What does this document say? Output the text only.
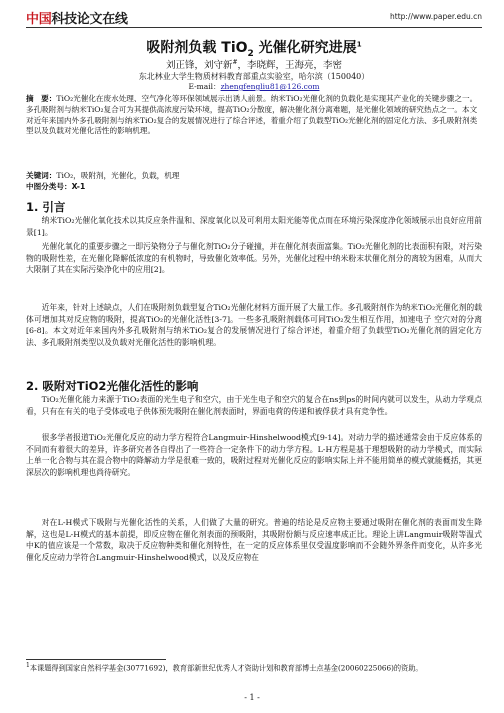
中国 科技论文在线	http://www.paper.edu.cn
吸附剂负载 TiO$_2$ 光催化研究进展$^1$
刘正锋，刘守新#，李晓辉，王海亮，李密
东北林业大学生物质材料教育部重点实验室，哈尔滨（150040）
E-mail：zhengfengliu81@126.com
摘　要：TiO₂光催化在废水处理、空气净化等环保领域展示出诱人前景。纳米TiO₂光催化剂的负载化是实现其产业化的关键步骤之一。多孔吸附剂与纳米TiO₂复合可为其提供高浓度污染环境，提高TiO₂分散度，解决催化剂分离难题，是光催化领域的研究热点之一。本文对近年来国内外多孔吸附剂与纳米TiO₂复合的发展情况进行了综合评述，着重介绍了负载型TiO₂光催化剂的固定化方法、多孔吸附剂类型以及负载对光催化活性的影响机理。
关键词：TiO₂，吸附剂，光催化，负载，机理
中图分类号：X-1
1. 引言
纳米TiO₂光催化氧化技术以其反应条件温和、深度氧化以及可利用太阳光能等优点而在环境污染深度净化领域展示出良好应用前景[1]。
光催化氧化的重要步骤之一即污染物分子与催化剂TiO₂分子碰撞，并在催化剂表面富集。TiO₂光催化剂的比表面积有限，对污染物的吸附性差，在光催化降解低浓度的有机物时，导致催化效率低。另外，光催化过程中纳米粉末状催化剂分的离较为困难，从而大大限制了其在实际污染净化中的应用[2]。
近年来，针对上述缺点，人们在吸附剂负载型复合TiO₂光催化材料方面开展了大量工作。多孔吸附剂作为纳米TiO₂光催化剂的载体可增加其对反应物的吸附，提高TiO₂的光催化活性[3-7]。一些多孔吸附剂载体可同TiO₂发生相互作用，加速电子 空穴对的分离[6-8]。本文对近年来国内外多孔吸附剂与纳米TiO₂复合的发展情况进行了综合评述，着重介绍了负载型TiO₂光催化剂的固定化方法、多孔吸附剂类型以及负载对光催化活性的影响机理。
2. 吸附对TiO2光催化活性的影响
TiO₂光催化能力来源于TiO₂表面的光生电子和空穴，由于光生电子和空穴的复合在ns到ps的时间内就可以发生，从动力学观点看，只有在有关的电子受体或电子供体预先吸附在催化剂表面时，界面电荷的传递和被俘获才具有竞争性。
很多学者报道TiO₂光催化反应的动力学方程符合Langmuir-Hinshelwood模式[9-14]。对动力学的描述通常会由于反应体系的不同而有着很大的差异，许多研究者各自得出了一些符合一定条件下的动力学方程。L-H方程是基于理想吸附的动力学模式，而实际上单一化合物与其在混合物中的降解动力学是很难一致的，吸附过程对光催化反应的影响实际上并不能用简单的模式就能概括，其更深层次的影响机理也尚待研究。
对在L-H模式下吸附与光催化活性的关系，人们做了大量的研究。普遍的结论是反应物主要通过吸附在催化剂的表面而发生降解，这也是L-H模式的基本前提，即反应物在催化剂表面的预吸附，其吸附份额与反应速率成正比。理论上讲Langmuir吸附等温式中K的值应该是一个常数，取决于反应物种类和催化剂特性，在一定的反应体系里仅受温度影响而不会随外界条件而变化，从许多光催化反应动力学符合Langmuir-Hinshelwood模式，以及反应物在
$^1$本课题得到国家自然科学基金(30771692)，教育部新世纪优秀人才资助计划和教育部博士点基金(20060225066)的资助。
- 1 -
